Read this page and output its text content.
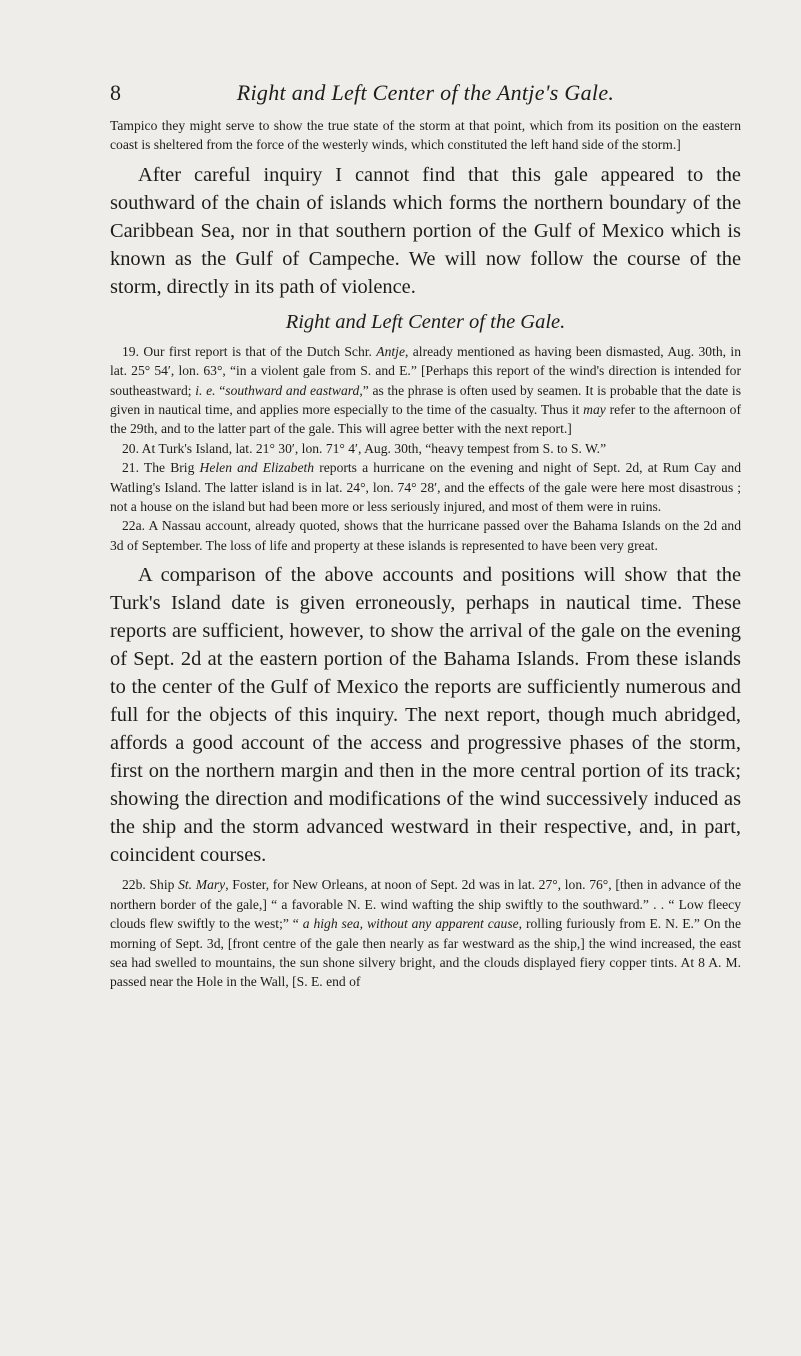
8	Right and Left Center of the Antje's Gale.

Tampico they might serve to show the true state of the storm at that point, which from its position on the eastern coast is sheltered from the force of the westerly winds, which constituted the left hand side of the storm.]

After careful inquiry I cannot find that this gale appeared to the southward of the chain of islands which forms the northern boundary of the Caribbean Sea, nor in that southern portion of the Gulf of Mexico which is known as the Gulf of Campeche. We will now follow the course of the storm, directly in its path of violence.

Right and Left Center of the Gale.

19. Our first report is that of the Dutch Schr. Antje, already mentioned as having been dismasted, Aug. 30th, in lat. 25° 54′, lon. 63°, “in a violent gale from S. and E.” [Perhaps this report of the wind's direction is intended for southeastward; i. e. “southward and eastward,” as the phrase is often used by seamen. It is probable that the date is given in nautical time, and applies more especially to the time of the casualty. Thus it may refer to the afternoon of the 29th, and to the latter part of the gale. This will agree better with the next report.]

20. At Turk's Island, lat. 21° 30′, lon. 71° 4′, Aug. 30th, “heavy tempest from S. to S. W.”

21. The Brig Helen and Elizabeth reports a hurricane on the evening and night of Sept. 2d, at Rum Cay and Watling's Island. The latter island is in lat. 24°, lon. 74° 28′, and the effects of the gale were here most disastrous ; not a house on the island but had been more or less seriously injured, and most of them were in ruins.

22a. A Nassau account, already quoted, shows that the hurricane passed over the Bahama Islands on the 2d and 3d of September. The loss of life and property at these islands is represented to have been very great.

A comparison of the above accounts and positions will show that the Turk's Island date is given erroneously, perhaps in nautical time. These reports are sufficient, however, to show the arrival of the gale on the evening of Sept. 2d at the eastern portion of the Bahama Islands. From these islands to the center of the Gulf of Mexico the reports are sufficiently numerous and full for the objects of this inquiry. The next report, though much abridged, affords a good account of the access and progressive phases of the storm, first on the northern margin and then in the more central portion of its track; showing the direction and modifications of the wind successively induced as the ship and the storm advanced westward in their respective, and, in part, coincident courses.

22b. Ship St. Mary, Foster, for New Orleans, at noon of Sept. 2d was in lat. 27°, lon. 76°, [then in advance of the northern border of the gale,] “ a favorable N. E. wind wafting the ship swiftly to the southward.” . . “ Low fleecy clouds flew swiftly to the west;” “ a high sea, without any apparent cause, rolling furiously from E. N. E.” On the morning of Sept. 3d, [front centre of the gale then nearly as far westward as the ship,] the wind increased, the east sea had swelled to mountains, the sun shone silvery bright, and the clouds displayed fiery copper tints. At 8 A. M. passed near the Hole in the Wall, [S. E. end of
